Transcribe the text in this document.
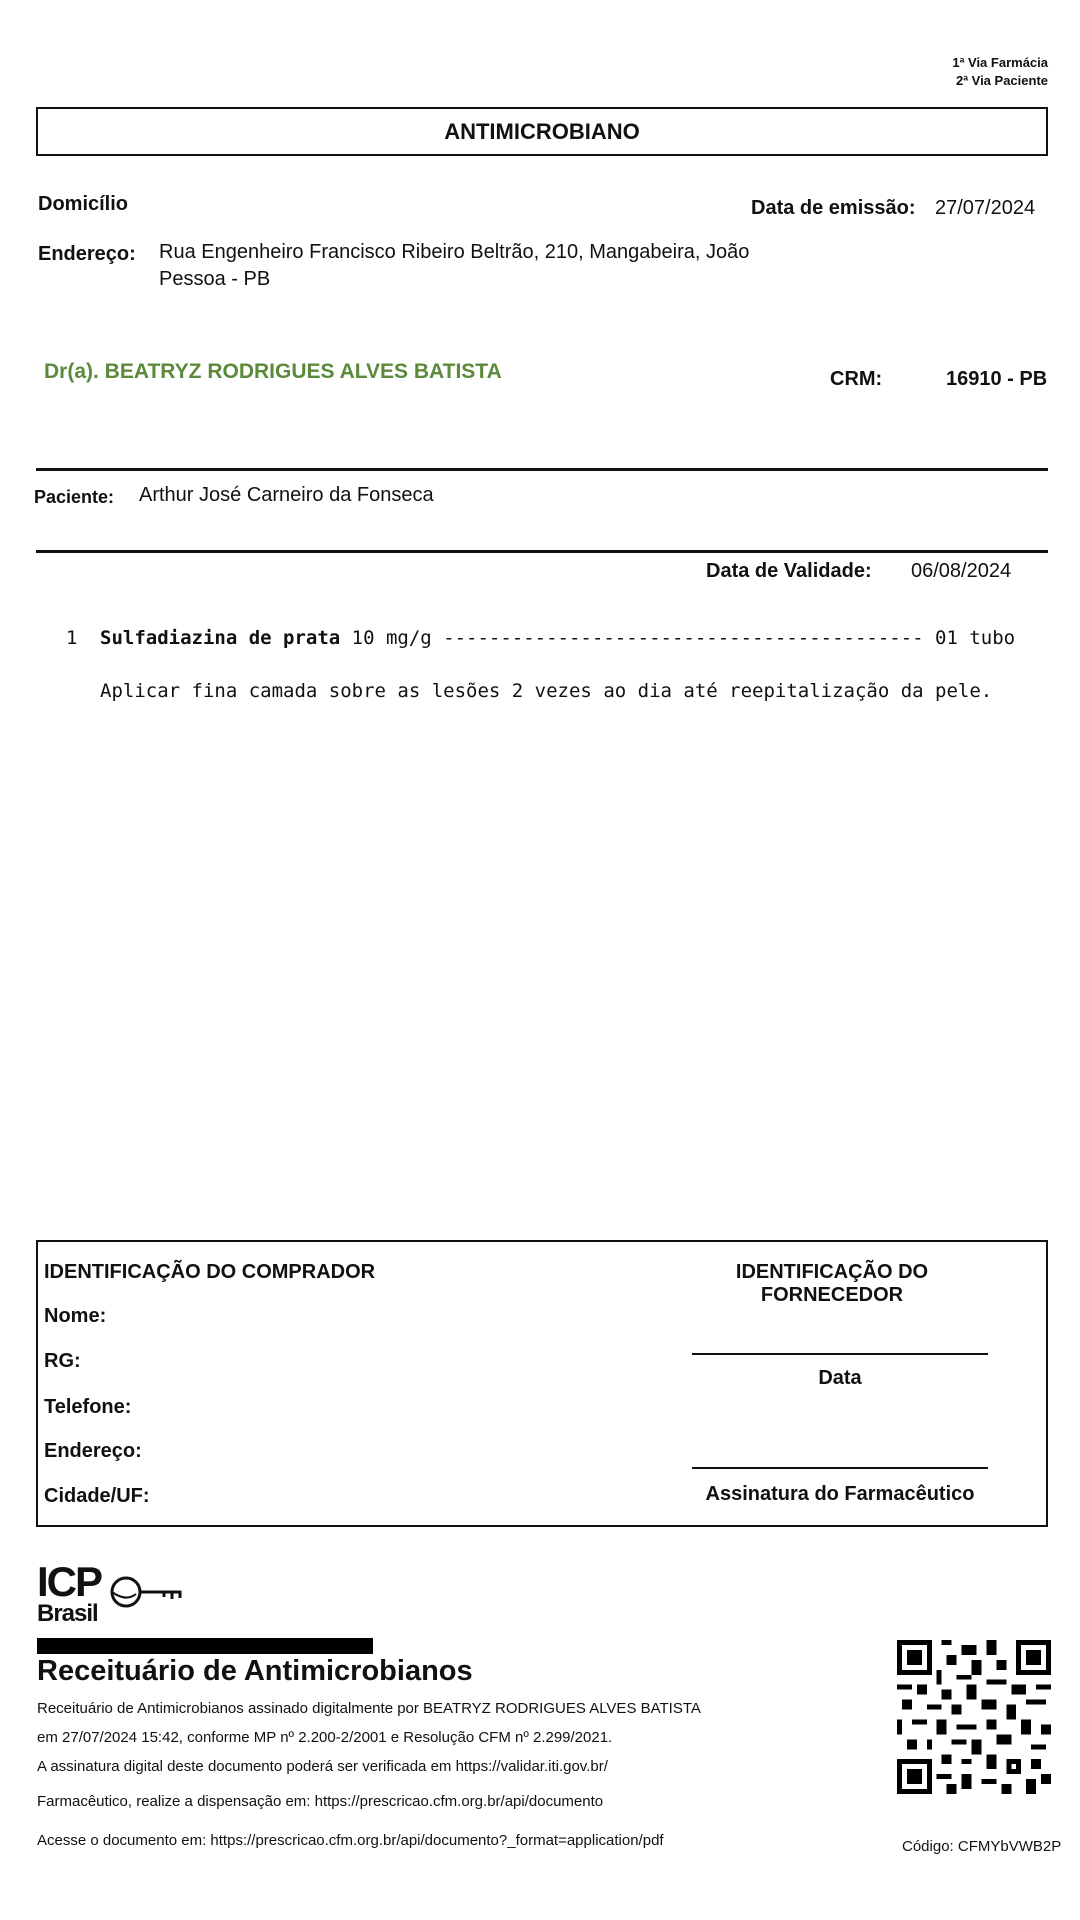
1ª Via Farmácia
2ª Via Paciente
ANTIMICROBIANO
Domicílio
Endereço: Rua Engenheiro Francisco Ribeiro Beltrão, 210, Mangabeira, João
Pessoa - PB
Data de emissão: 27/07/2024
Dr(a). BEATRYZ RODRIGUES ALVES BATISTA	CRM:	16910 - PB
Paciente: Arthur José Carneiro da Fonseca
Data de Validade: 06/08/2024
1 Sulfadiazina de prata 10 mg/g ------------------------------------------ 01 tubo
Aplicar fina camada sobre as lesões 2 vezes ao dia até reepitalização da pele.
IDENTIFICAÇÃO DO COMPRADOR
Nome:
RG:
Telefone:
Endereço:
Cidade/UF:
IDENTIFICAÇÃO DO FORNECEDOR
Data
Assinatura do Farmacêutico
ICP
Brasil
Receituário de Antimicrobianos
Receituário de Antimicrobianos assinado digitalmente por BEATRYZ RODRIGUES ALVES BATISTA
em 27/07/2024 15:42, conforme MP nº 2.200-2/2001 e Resolução CFM nº 2.299/2021.
A assinatura digital deste documento poderá ser verificada em https://validar.iti.gov.br/
Farmacêutico, realize a dispensação em: https://prescricao.cfm.org.br/api/documento
Acesse o documento em: https://prescricao.cfm.org.br/api/documento?_format=application/pdf	Código: CFMYbVWB2P
